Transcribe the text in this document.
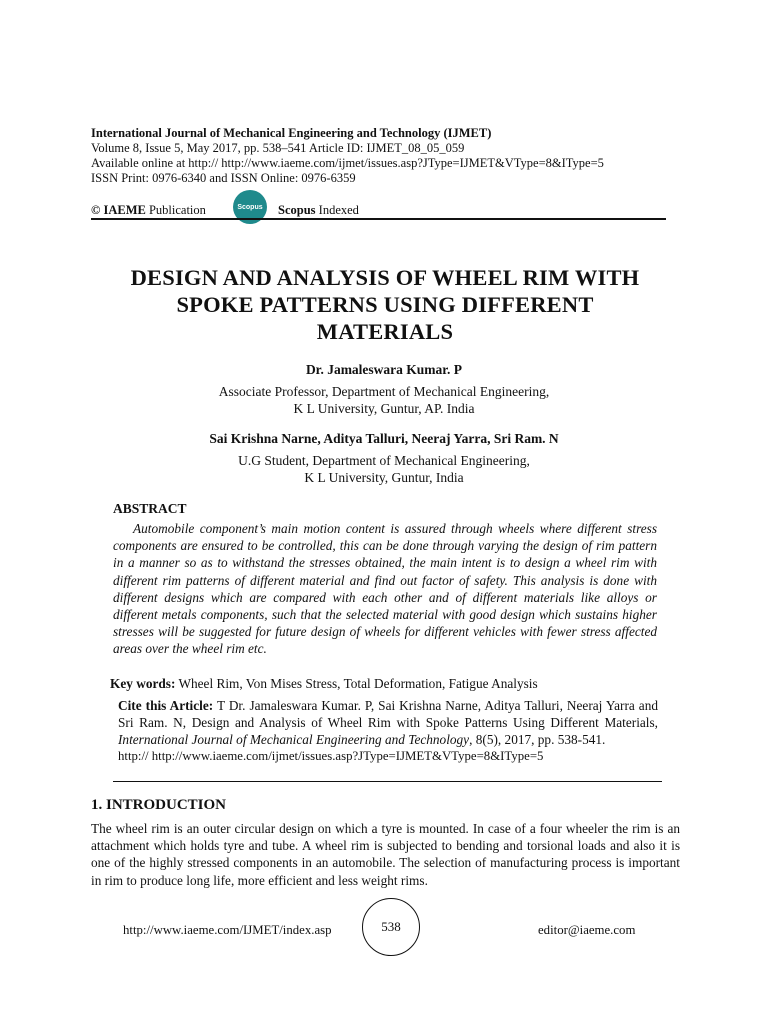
International Journal of Mechanical Engineering and Technology (IJMET)
Volume 8, Issue 5, May 2017, pp. 538–541 Article ID: IJMET_08_05_059
Available online at http:// http://www.iaeme.com/ijmet/issues.asp?JType=IJMET&VType=8&IType=5
ISSN Print: 0976-6340 and ISSN Online: 0976-6359
© IAEME Publication	Scopus Scopus Indexed
DESIGN AND ANALYSIS OF WHEEL RIM WITH
SPOKE PATTERNS USING DIFFERENT
MATERIALS
Dr. Jamaleswara Kumar. P
Associate Professor, Department of Mechanical Engineering,
K L University, Guntur, AP. India
Sai Krishna Narne, Aditya Talluri, Neeraj Yarra, Sri Ram. N
U.G Student, Department of Mechanical Engineering,
K L University, Guntur, India
ABSTRACT
Automobile component’s main motion content is assured through wheels where different stress components are ensured to be controlled, this can be done through varying the design of rim pattern in a manner so as to withstand the stresses obtained, the main intent is to design a wheel rim with different rim patterns of different material and find out factor of safety. This analysis is done with different designs which are compared with each other and of different materials like alloys or different metals components, such that the selected material with good design which sustains higher stresses will be suggested for future design of wheels for different vehicles with fewer stress affected areas over the wheel rim etc.
Key words: Wheel Rim, Von Mises Stress, Total Deformation, Fatigue Analysis
Cite this Article: T Dr. Jamaleswara Kumar. P, Sai Krishna Narne, Aditya Talluri, Neeraj Yarra and Sri Ram. N, Design and Analysis of Wheel Rim with Spoke Patterns Using Different Materials, International Journal of Mechanical Engineering and Technology, 8(5), 2017, pp. 538-541.
http:// http://www.iaeme.com/ijmet/issues.asp?JType=IJMET&VType=8&IType=5
1. INTRODUCTION
The wheel rim is an outer circular design on which a tyre is mounted. In case of a four wheeler the rim is an attachment which holds tyre and tube. A wheel rim is subjected to bending and torsional loads and also it is one of the highly stressed components in an automobile. The selection of manufacturing process is important in rim to produce long life, more efficient and less weight rims.
http://www.iaeme.com/IJMET/index.asp	538	editor@iaeme.com
